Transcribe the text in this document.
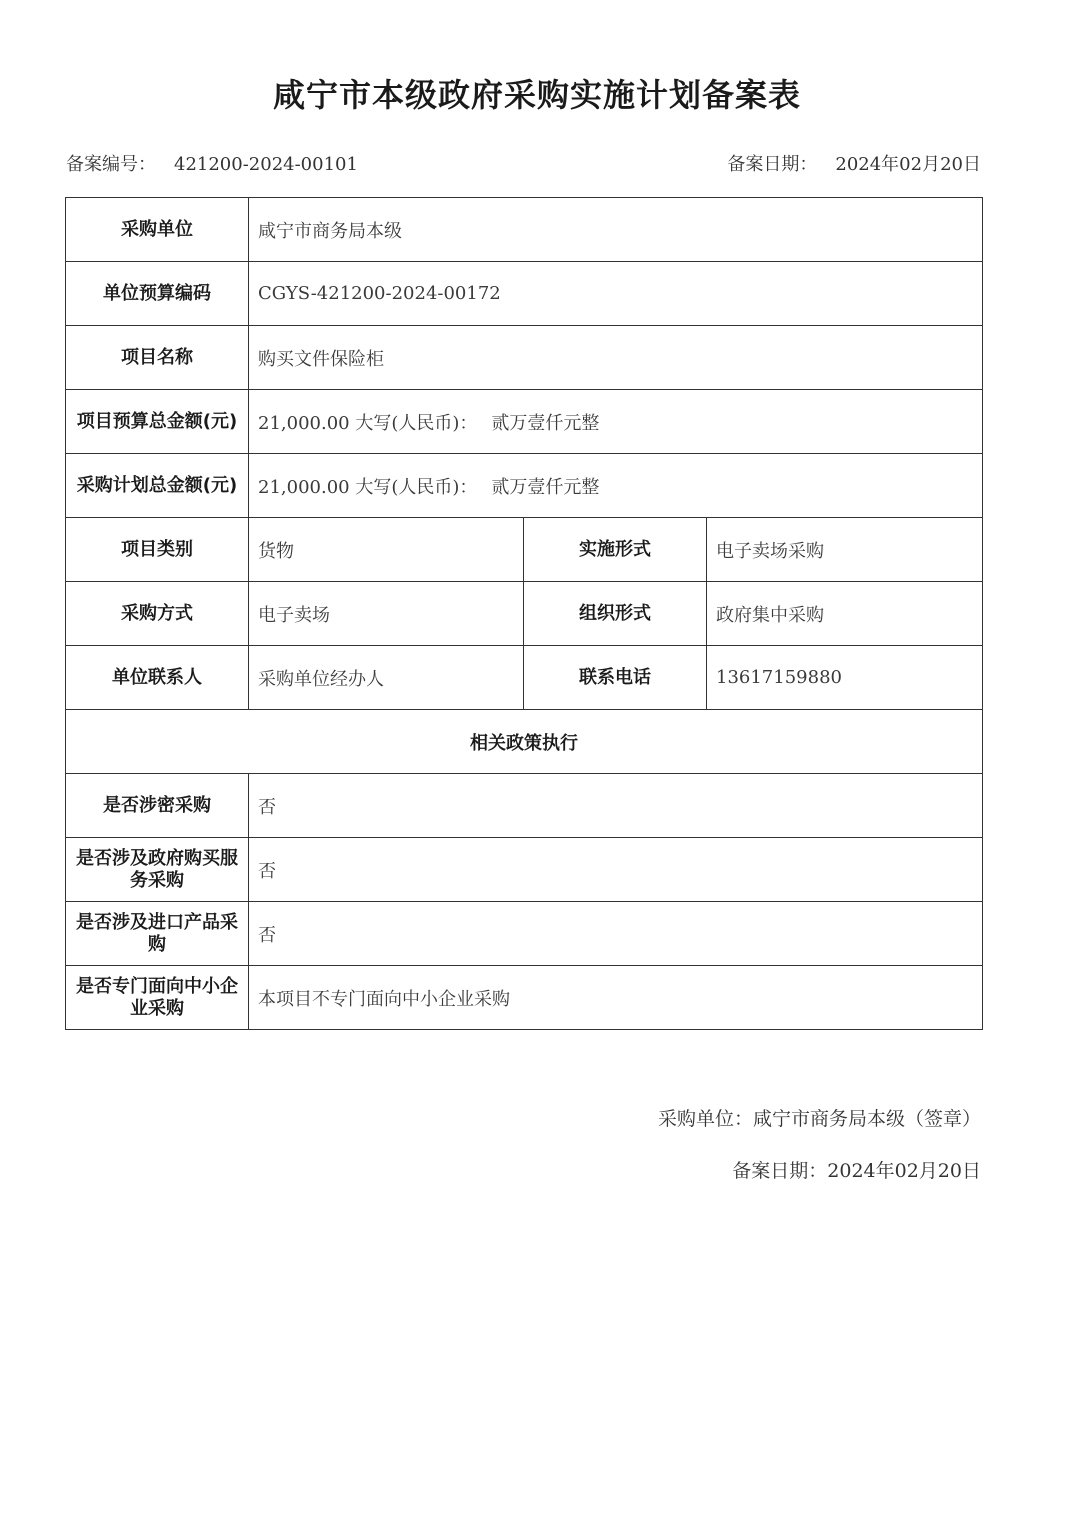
咸宁市本级政府采购实施计划备案表
备案编号： 421200-2024-00101	备案日期： 2024年02月20日
采购单位	咸宁市商务局本级		
单位预算编码	CGYS-421200-2024-00172		
项目名称	购买文件保险柜		
项目预算总金额(元)	21,000.00 大写(人民币)： 贰万壹仟元整		
采购计划总金额(元)	21,000.00 大写(人民币)： 贰万壹仟元整		
项目类别	货物	实施形式	电子卖场采购
采购方式	电子卖场	组织形式	政府集中采购
单位联系人	采购单位经办人	联系电话	13617159880
相关政策执行			
是否涉密采购	否		
是否涉及政府购买服务采购	否		
是否涉及进口产品采购	否		
是否专门面向中小企业采购	本项目不专门面向中小企业采购		
采购单位：咸宁市商务局本级（签章）
备案日期：2024年02月20日
